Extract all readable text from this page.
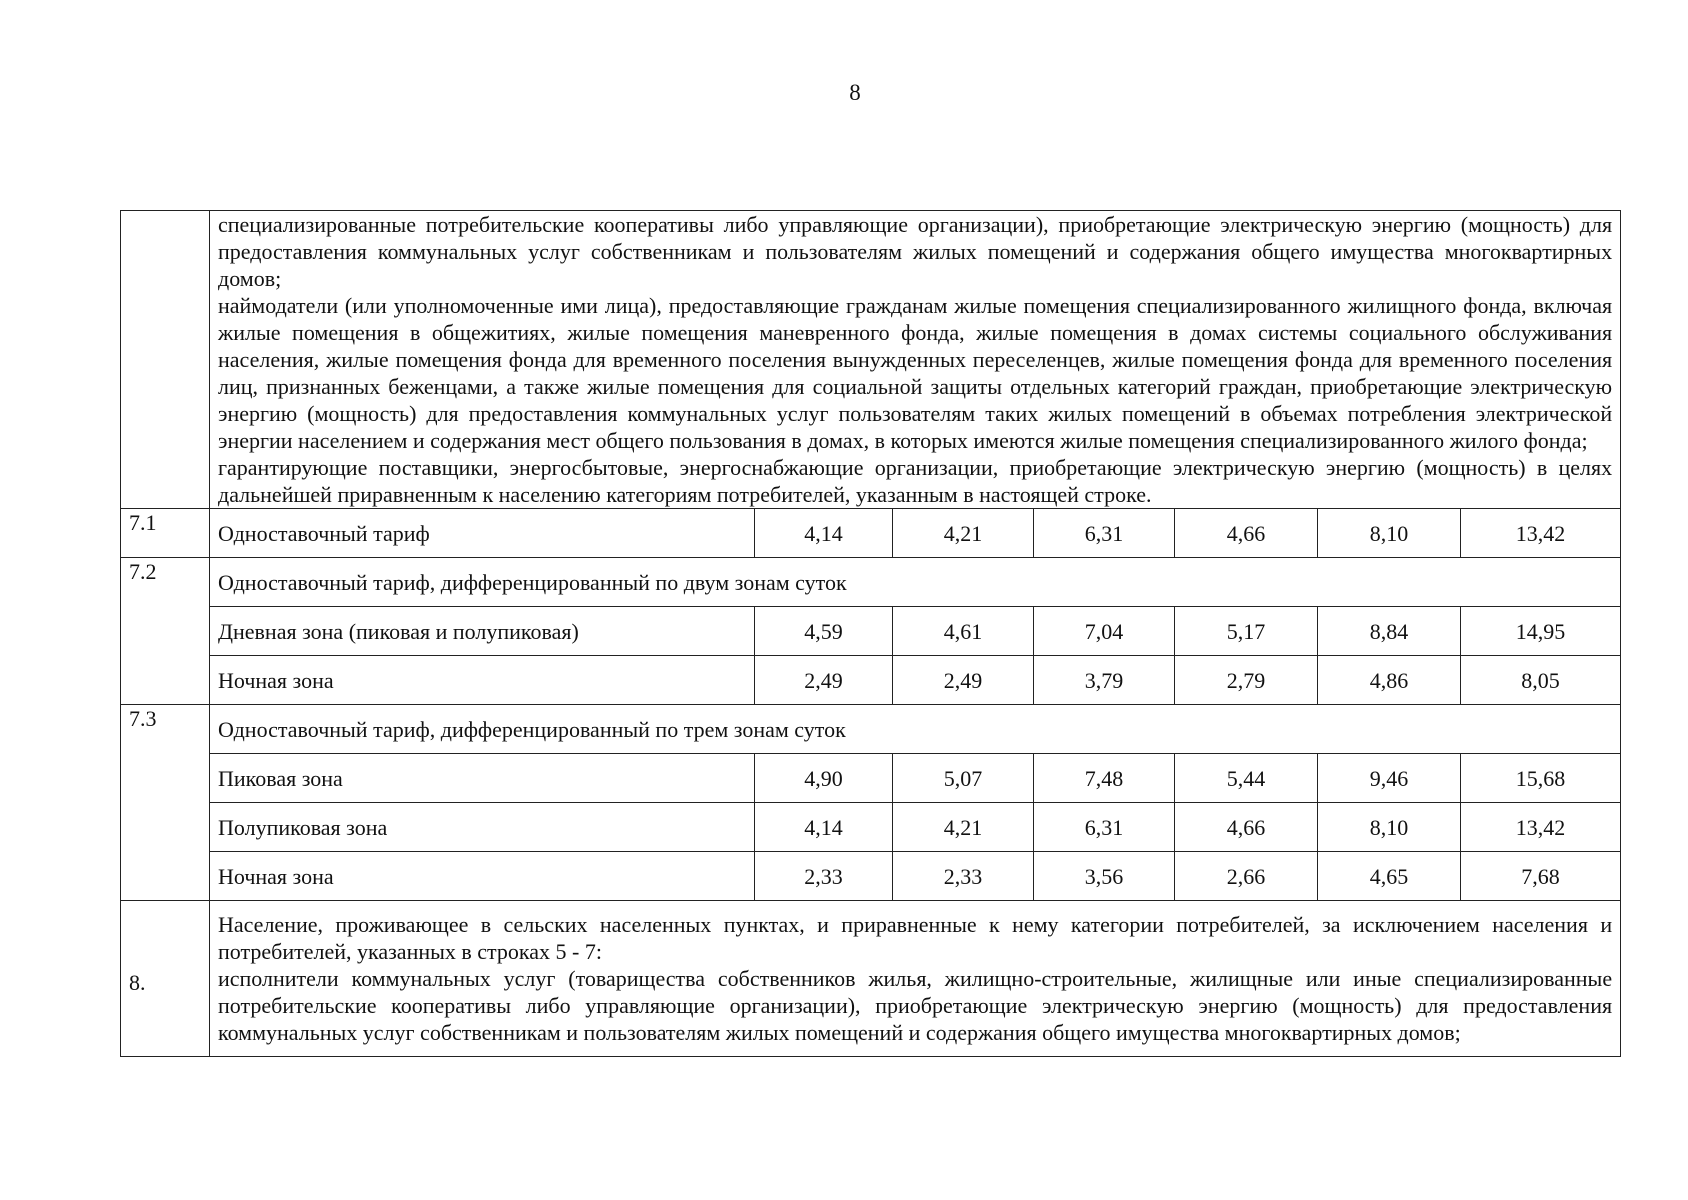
8

	специализированные потребительские кооперативы либо управляющие организации), приобретающие электрическую энергию (мощность) для предоставления коммунальных услуг собственникам и пользователям жилых помещений и содержания общего имущества многоквартирных домов;

наймодатели (или уполномоченные ими лица), предоставляющие гражданам жилые помещения специализированного жилищного фонда, включая жилые помещения в общежитиях, жилые помещения маневренного фонда, жилые помещения в домах системы социального обслуживания населения, жилые помещения фонда для временного поселения вынужденных переселенцев, жилые помещения фонда для временного поселения лиц, признанных беженцами, а также жилые помещения для социальной защиты отдельных категорий граждан, приобретающие электрическую энергию (мощность) для предоставления коммунальных услуг пользователям таких жилых помещений в объемах потребления электрической энергии населением и содержания мест общего пользования в домах, в которых имеются жилые помещения специализированного жилого фонда;

гарантирующие поставщики, энергосбытовые, энергоснабжающие организации, приобретающие электрическую энергию (мощность) в целях дальнейшей приравненным к населению категориям потребителей, указанным в настоящей строке.						

7.1	Одноставочный тариф	4,14	4,21	6,31	4,66	8,10	13,42
7.2	Одноставочный тариф, дифференцированный по двум зонам суток						
	Дневная зона (пиковая и полупиковая)	4,59	4,61	7,04	5,17	8,84	14,95
	Ночная зона	2,49	2,49	3,79	2,79	4,86	8,05
7.3	Одноставочный тариф, дифференцированный по трем зонам суток						
	Пиковая зона	4,90	5,07	7,48	5,44	9,46	15,68
	Полупиковая зона	4,14	4,21	6,31	4,66	8,10	13,42
	Ночная зона	2,33	2,33	3,56	2,66	4,65	7,68
8.	Население, проживающее в сельских населенных пунктах, и приравненные к нему категории потребителей, за исключением населения и потребителей, указанных в строках 5 - 7:

исполнители коммунальных услуг (товарищества собственников жилья, жилищно-строительные, жилищные или иные специализированные потребительские кооперативы либо управляющие организации), приобретающие электрическую энергию (мощность) для предоставления коммунальных услуг собственникам и пользователям жилых помещений и содержания общего имущества многоквартирных домов;						
